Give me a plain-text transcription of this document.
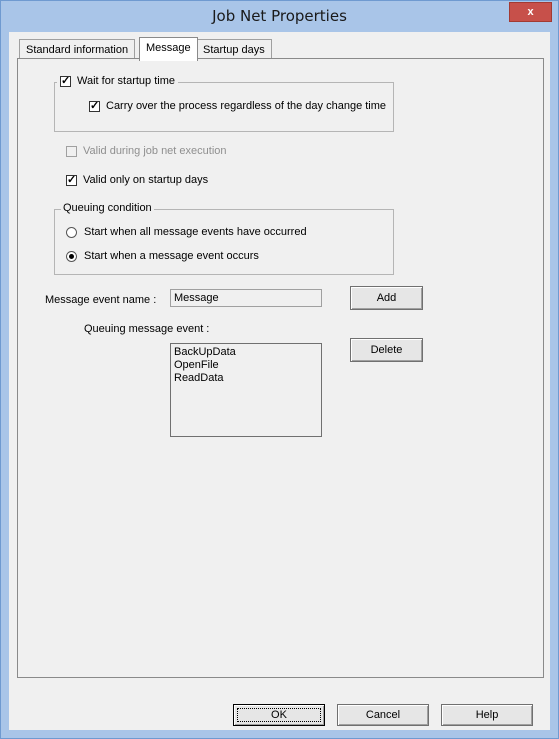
Job Net Properties	x
Standard information	Message	Startup days
✓ Wait for startup time
✓ Carry over the process regardless of the day change time
Valid during job net execution
✓ Valid only on startup days
Queuing condition
Start when all message events have occurred
Start when a message event occurs
Message event name :	Message	Add
Queuing message event :
BackUpData
OpenFile
ReadData
Delete
OK	Cancel	Help
